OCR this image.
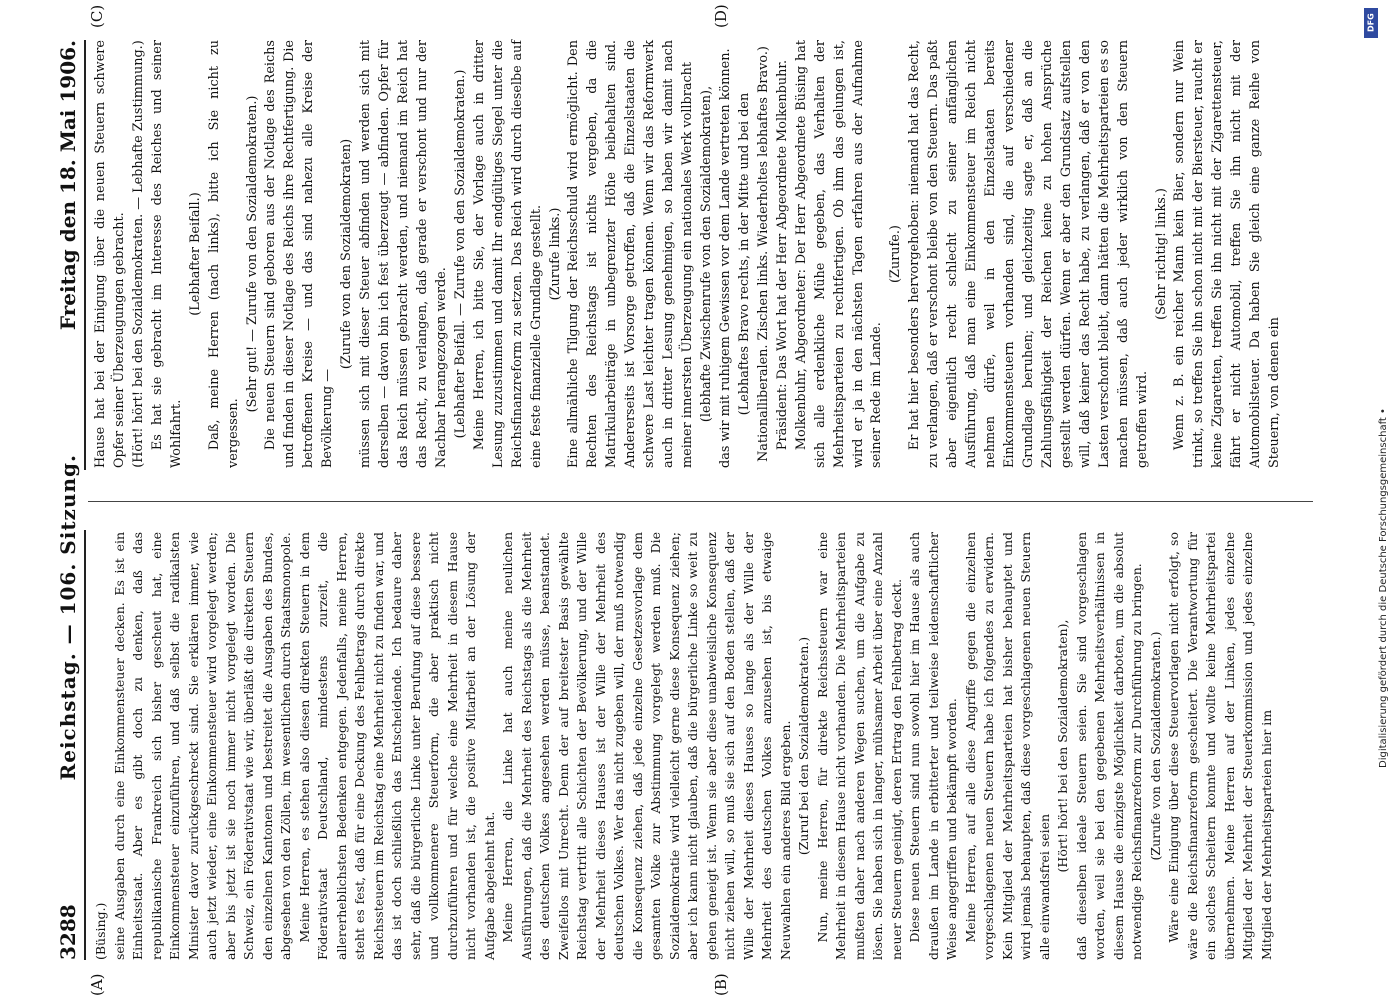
3288
Reichstag. — 106. Sitzung.
Freitag den 18. Mai 1906.
(A)	(B)
(C)	(D)

(Büsing.) seine Ausgaben durch eine Einkommensteuer decken. Es ist ein Einheitsstaat. Aber es gibt doch zu denken, daß das republikanische Frankreich sich bisher gescheut hat, eine Einkommensteuer einzuführen, und daß selbst die radikalsten Minister davor zurückgeschreckt sind. Sie erklären immer, wie auch jetzt wieder, eine Einkommensteuer wird vorgelegt werden; aber bis jetzt ist sie noch immer nicht vorgelegt worden. Die Schweiz, ein Föderativstaat wie wir, überläßt die direkten Steuern den einzelnen Kantonen und bestreitet die Ausgaben des Bundes, abgesehen von den Zöllen, im wesentlichen durch Staatsmonopole. Meine Herren, es stehen also diesen direkten Steuern in dem Föderativstaat Deutschland, mindestens zurzeit, die allererheblichsten Bedenken entgegen. Jedenfalls, meine Herren, steht es fest, daß für eine Deckung des Fehlbetrags durch direkte Reichssteuern im Reichstag eine Mehrheit nicht zu finden war, und das ist doch schließlich das Entscheidende. Ich bedaure daher sehr, daß die bürgerliche Linke unter Berufung auf diese bessere und vollkommenere Steuerform, die aber praktisch nicht durchzuführen und für welche eine Mehrheit in diesem Hause nicht vorhanden ist, die positive Mitarbeit an der Lösung der Aufgabe abgelehnt hat. Meine Herren, die Linke hat auch meine neulichen Ausführungen, daß die Mehrheit des Reichstags als die Mehrheit des deutschen Volkes angesehen werden müsse, beanstandet. Zweifellos mit Unrecht. Denn der auf breitester Basis gewählte Reichstag vertritt alle Schichten der Bevölkerung, und der Wille der Mehrheit dieses Hauses ist der Wille der Mehrheit des deutschen Volkes. Wer das nicht zugeben will, der muß notwendig die Konsequenz ziehen, daß jede einzelne Gesetzesvorlage dem gesamten Volke zur Abstimmung vorgelegt werden muß. Die Sozialdemokratie wird vielleicht gerne diese Konsequenz ziehen; aber ich kann nicht glauben, daß die bürgerliche Linke so weit zu gehen geneigt ist. Wenn sie aber diese unabweisliche Konsequenz nicht ziehen will, so muß sie sich auf den Boden stellen, daß der Wille der Mehrheit dieses Hauses so lange als der Wille der Mehrheit des deutschen Volkes anzusehen ist, bis etwaige Neuwahlen ein anderes Bild ergeben. (Zuruf bei den Sozialdemokraten.) Nun, meine Herren, für direkte Reichssteuern war eine Mehrheit in diesem Hause nicht vorhanden. Die Mehrheitsparteien mußten daher nach anderen Wegen suchen, um die Aufgabe zu lösen. Sie haben sich in langer, mühsamer Arbeit über eine Anzahl neuer Steuern geeinigt, deren Ertrag den Fehlbetrag deckt. Diese neuen Steuern sind nun sowohl hier im Hause als auch draußen im Lande in erbitterter und teilweise leidenschaftlicher Weise angegriffen und bekämpft worden. Meine Herren, auf alle diese Angriffe gegen die einzelnen vorgeschlagenen neuen Steuern habe ich folgendes zu erwidern. Kein Mitglied der Mehrheitsparteien hat bisher behauptet und wird jemals behaupten, daß diese vorgeschlagenen neuen Steuern alle einwandsfrei seien

(Hört! hört! bei den Sozialdemokraten), daß dieselben ideale Steuern seien. Sie sind vorgeschlagen worden, weil sie bei den gegebenen Mehrheitsverhältnissen in diesem Hause die einzigste Möglichkeit darboten, um die absolut notwendige Reichsfinanzreform zur Durchführung zu bringen. (Zurufe von den Sozialdemokraten.) Wäre eine Einigung über diese Steuervorlagen nicht erfolgt, so wäre die Reichsfinanzreform gescheitert. Die Verantwortung für ein solches Scheitern konnte und wollte keine Mehrheitspartei übernehmen. Meine Herren auf der Linken, jedes einzelne Mitglied der Mehrheit der Steuerkommission und jedes einzelne Mitglied der Mehrheitsparteien hier im

Hause hat bei der Einigung über die neuen Steuern schwere Opfer seiner Überzeugungen gebracht. (Hört! hört! bei den Sozialdemokraten. — Lebhafte Zustimmung.) Es hat sie gebracht im Interesse des Reiches und seiner Wohlfahrt.

(Lebhafter Beifall.) Daß, meine Herren (nach links), bitte ich Sie nicht zu vergessen.

(Sehr gut! — Zurufe von den Sozialdemokraten.) Die neuen Steuern sind geboren aus der Notlage des Reichs und finden in dieser Notlage des Reichs ihre Rechtfertigung. Die betroffenen Kreise — und das sind nahezu alle Kreise der Bevölkerung —

(Zurufe von den Sozialdemokraten) müssen sich mit dieser Steuer abfinden und werden sich mit derselben — davon bin ich fest überzeugt — abfinden. Opfer für das Reich müssen gebracht werden, und niemand im Reich hat das Recht, zu verlangen, daß gerade er verschont und nur der Nachbar herangezogen werde. (Lebhafter Beifall. — Zurufe von den Sozialdemokraten.) Meine Herren, ich bitte Sie, der Vorlage auch in dritter Lesung zuzustimmen und damit Ihr endgültiges Siegel unter die Reichsfinanzreform zu setzen. Das Reich wird durch dieselbe auf eine feste finanzielle Grundlage gestellt. (Zurufe links.) Eine allmähliche Tilgung der Reichsschuld wird ermöglicht. Den Rechten des Reichstags ist nichts vergeben, da die Matrikularbeiträge in unbegrenzter Höhe beibehalten sind. Andererseits ist Vorsorge getroffen, daß die Einzelstaaten die schwere Last leichter tragen können. Wenn wir das Reformwerk auch in dritter Lesung genehmigen, so haben wir damit nach meiner innersten Überzeugung ein nationales Werk vollbracht (lebhafte Zwischenrufe von den Sozialdemokraten), das wir mit ruhigem Gewissen vor dem Lande vertreten können. (Lebhaftes Bravo rechts, in der Mitte und bei den Nationalliberalen. Zischen links. Wiederholtes lebhaftes Bravo.) Präsident: Das Wort hat der Herr Abgeordnete Molkenbuhr. Molkenbuhr, Abgeordneter: Der Herr Abgeordnete Büsing hat sich alle erdenkliche Mühe gegeben, das Verhalten der Mehrheitsparteien zu rechtfertigen. Ob ihm das gelungen ist, wird er ja in den nächsten Tagen erfahren aus der Aufnahme seiner Rede im Lande.

(Zurufe.) Er hat hier besonders hervorgehoben: niemand hat das Recht, zu verlangen, daß er verschont bleibe von den Steuern. Das paßt aber eigentlich recht schlecht zu seiner anfänglichen Ausführung, daß man eine Einkommensteuer im Reich nicht nehmen dürfe, weil in den Einzelstaaten bereits Einkommensteuern vorhanden sind, die auf verschiedener Grundlage beruhen; und gleichzeitig sagte er, daß an die Zahlungsfähigkeit der Reichen keine zu hohen Ansprüche gestellt werden dürfen. Wenn er aber den Grundsatz aufstellen will, daß keiner das Recht habe, zu verlangen, daß er von den Lasten verschont bleibt, dann hätten die Mehrheitsparteien es so machen müssen, daß auch jeder wirklich von den Steuern getroffen wird.

(Sehr richtig! links.) Wenn z. B. ein reicher Mann kein Bier, sondern nur Wein trinkt, so treffen Sie ihn schon nicht mit der Biersteuer, raucht er keine Zigaretten, treffen Sie ihn nicht mit der Zigarettensteuer, fährt er nicht Automobil, treffen Sie ihn nicht mit der Automobilsteuer. Da haben Sie gleich eine ganze Reihe von Steuern, von denen ein

DFG
Digitalisierung gefördert durch die Deutsche Forschungsgemeinschaft •
